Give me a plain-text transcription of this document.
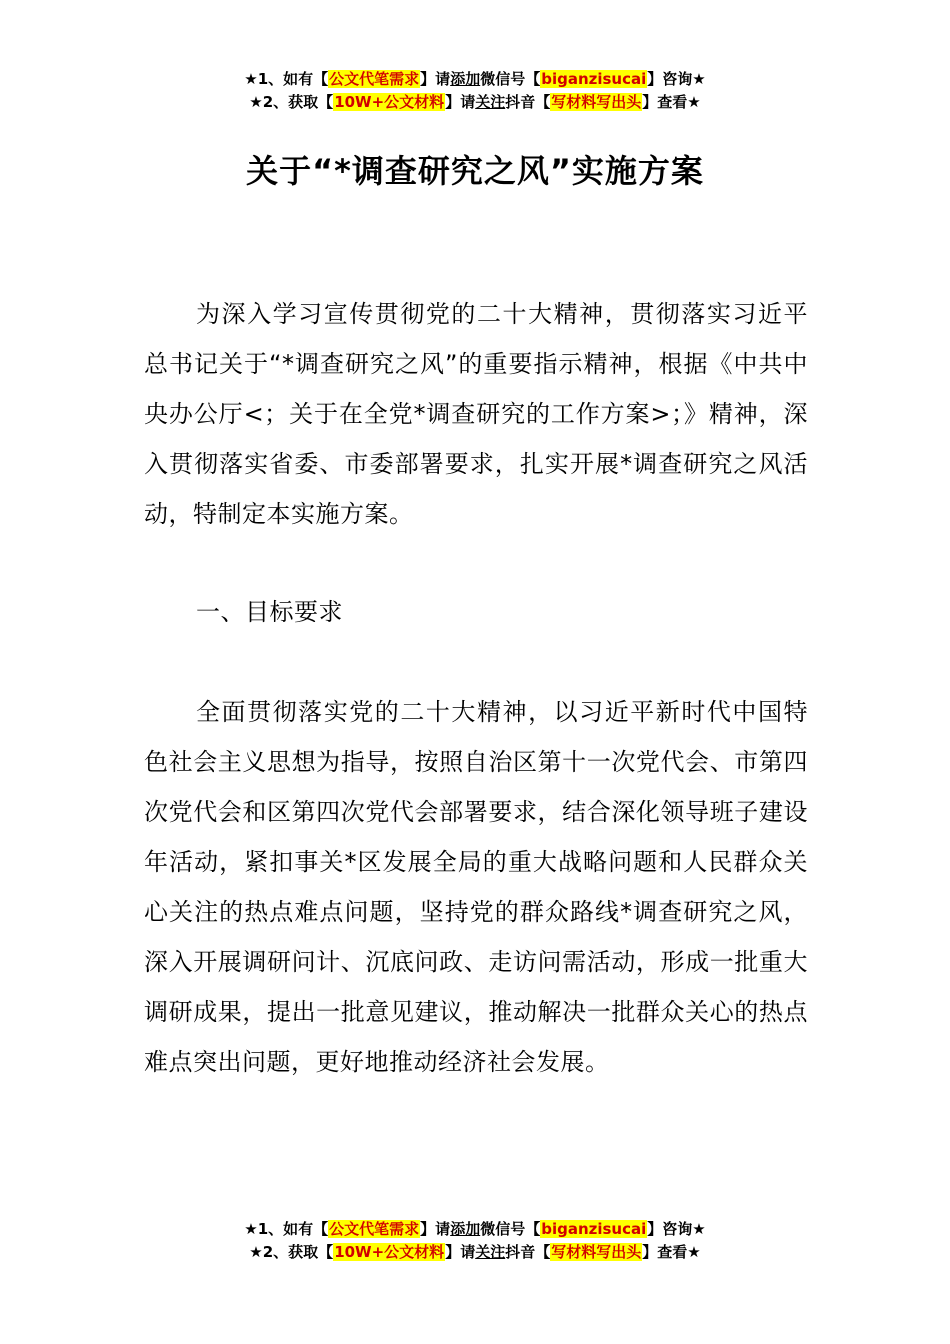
★1、如有【公文代笔需求】请添加微信号【biganzisucai】咨询★
★2、获取【10W+公文材料】请关注抖音【写材料写出头】查看★
关于“*调查研究之风”实施方案

为深入学习宣传贯彻党的二十大精神，贯彻落实习近平总书记关于“*调查研究之风”的重要指示精神，根据《中共中央办公厅<；关于在全党*调查研究的工作方案>；》精神，深入贯彻落实省委、市委部署要求，扎实开展*调查研究之风活动，特制定本实施方案。

一、目标要求

全面贯彻落实党的二十大精神，以习近平新时代中国特色社会主义思想为指导，按照自治区第十一次党代会、市第四次党代会和区第四次党代会部署要求，结合深化领导班子建设年活动，紧扣事关*区发展全局的重大战略问题和人民群众关心关注的热点难点问题，坚持党的群众路线*调查研究之风，深入开展调研问计、沉底问政、走访问需活动，形成一批重大调研成果，提出一批意见建议，推动解决一批群众关心的热点难点突出问题，更好地推动经济社会发展。

★1、如有【公文代笔需求】请添加微信号【biganzisucai】咨询★
★2、获取【10W+公文材料】请关注抖音【写材料写出头】查看★
